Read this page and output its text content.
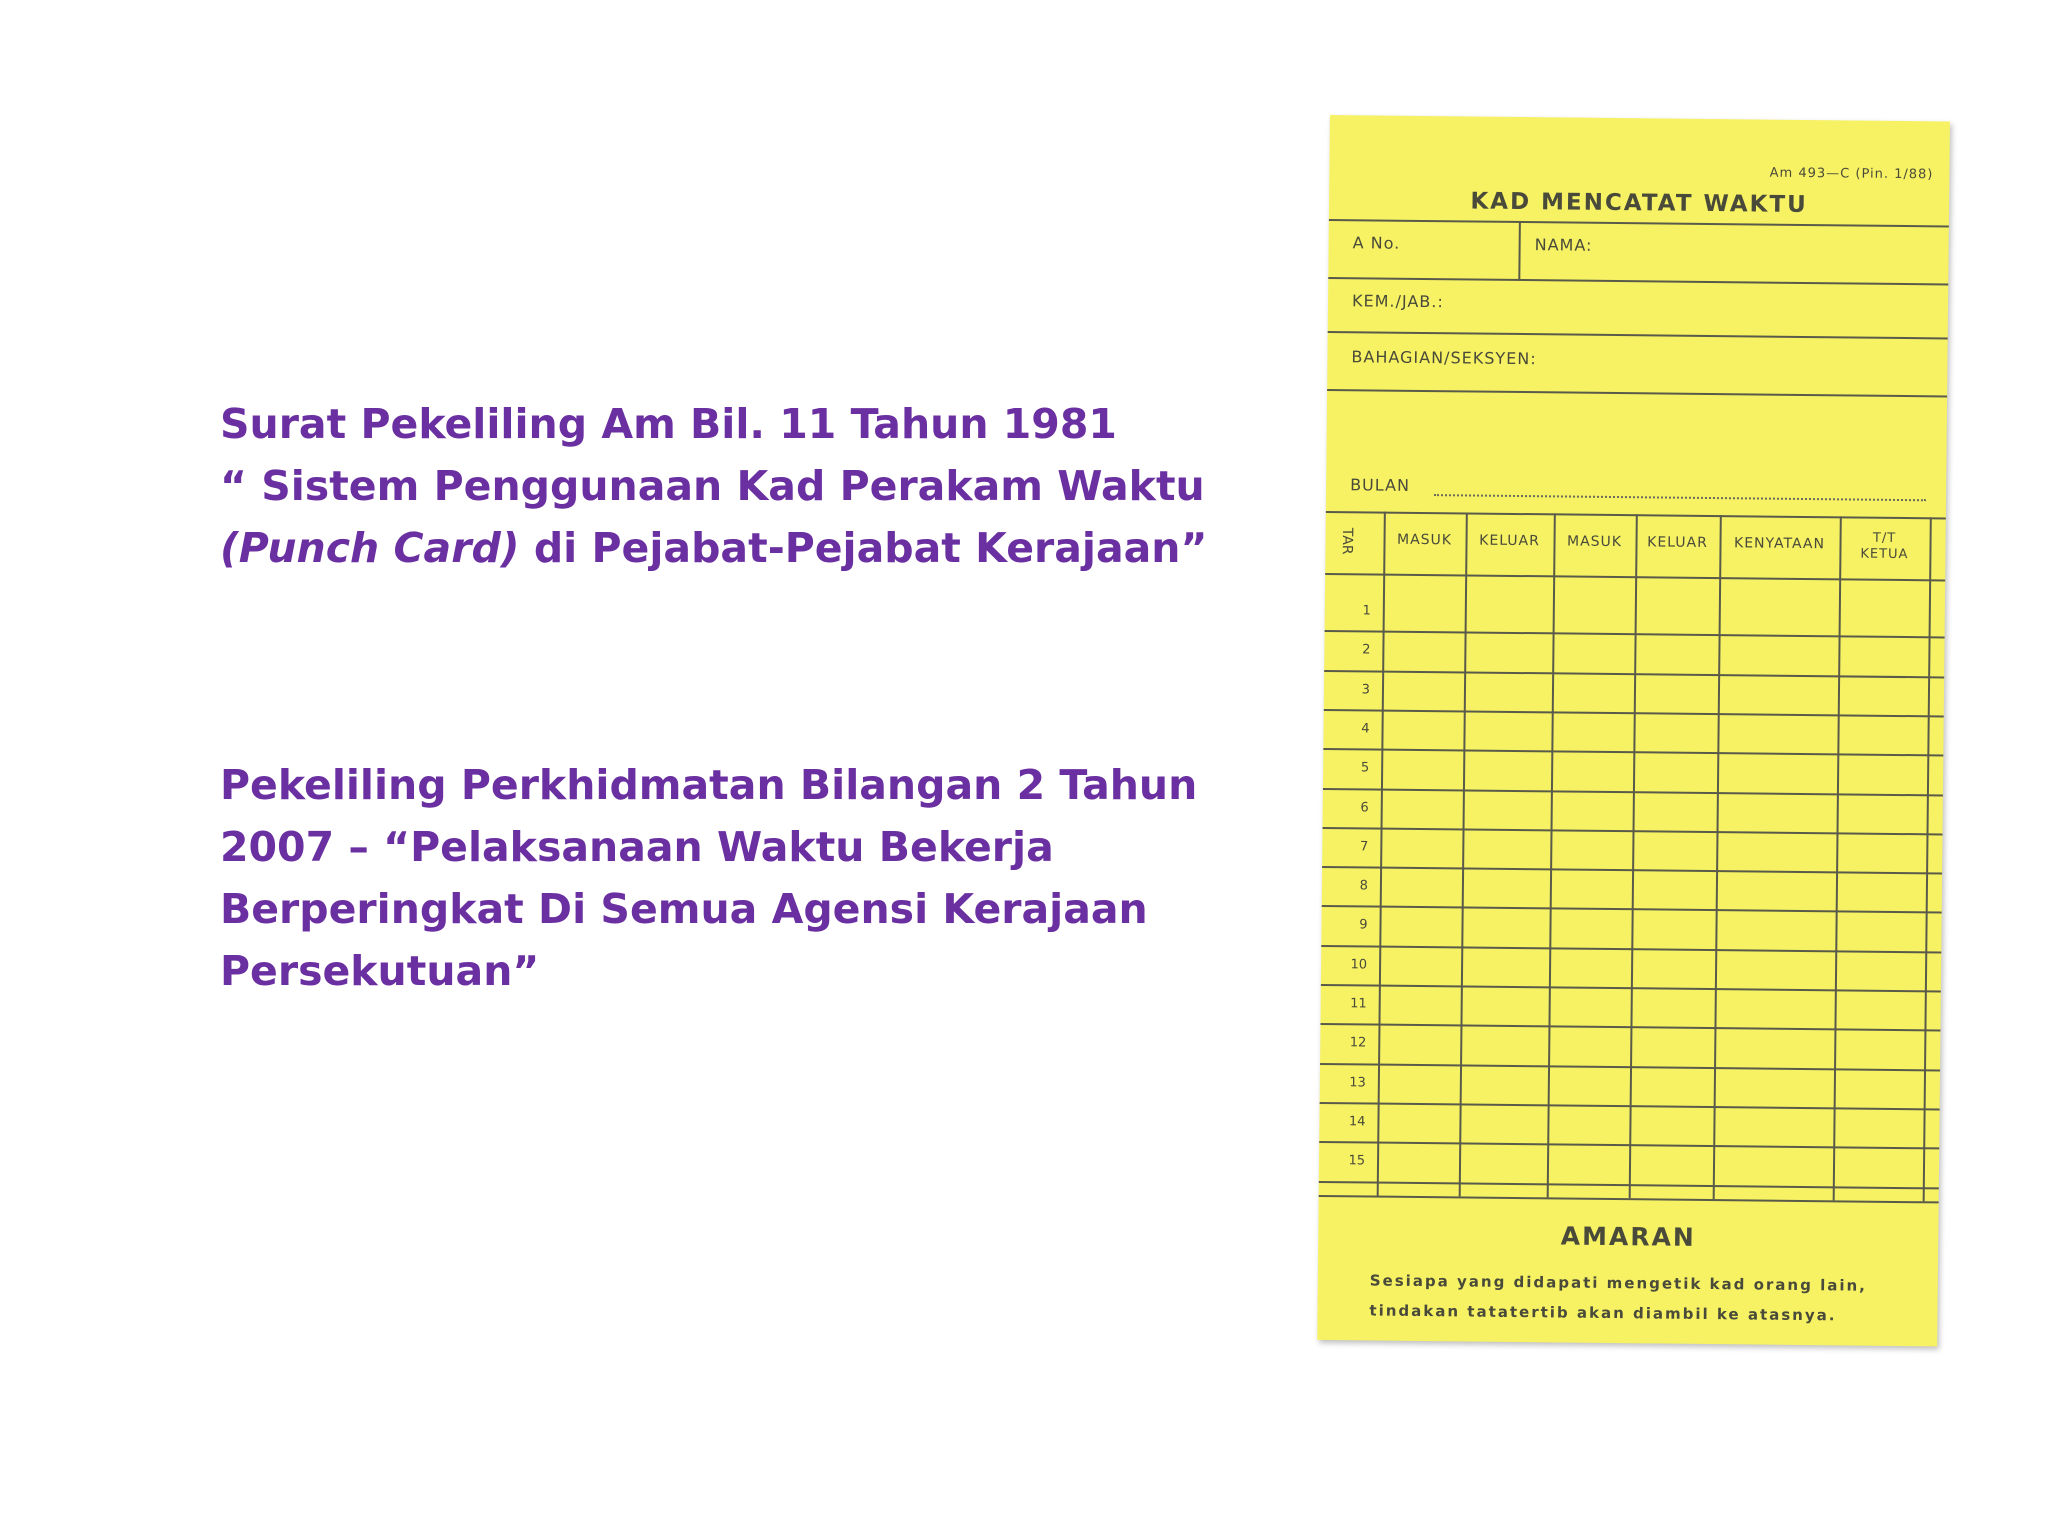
Surat Pekeliling Am Bil. 11 Tahun 1981
“ Sistem Penggunaan Kad Perakam Waktu
(Punch Card) di Pejabat-Pejabat Kerajaan”
Pekeliling Perkhidmatan Bilangan 2 Tahun
2007 – “Pelaksanaan Waktu Bekerja
Berperingkat Di Semua Agensi Kerajaan
Persekutuan”
Am 493—C (Pin. 1/88)
KAD MENCATAT WAKTU
A No.	NAMA:
KEM./JAB.:
BAHAGIAN/SEKSYEN:
BULAN
TAR	MASUK	KELUAR	MASUK	KELUAR	KENYATAAN	T/T
KETUA
1
2
3
4
5
6
7
8
9
10
11
12
13
14
15
AMARAN
Sesiapa yang didapati mengetik kad orang lain,
tindakan tatatertib akan diambil ke atasnya.
